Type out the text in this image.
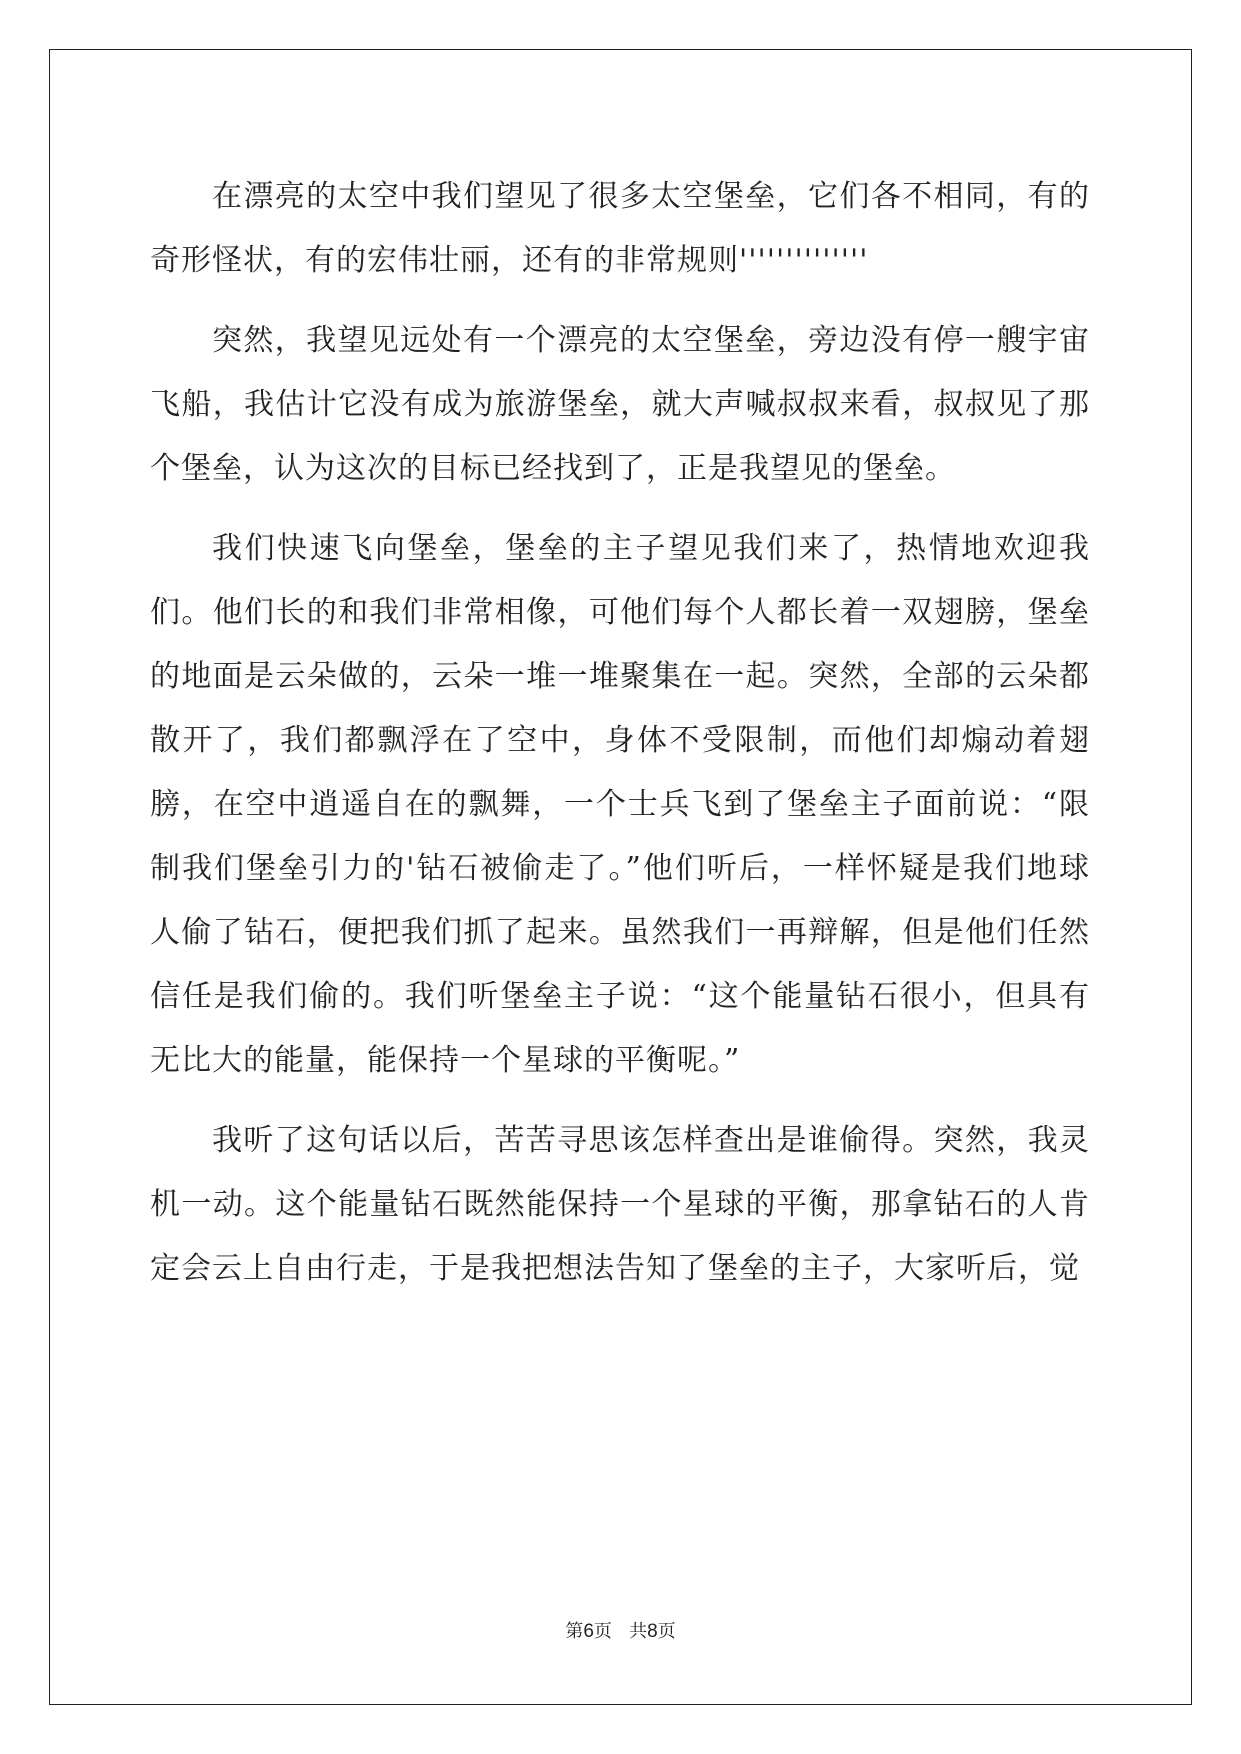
在漂亮的太空中我们望见了很多太空堡垒，它们各不相同，有的奇形怪状，有的宏伟壮丽，还有的非常规则''''''''''''''

突然，我望见远处有一个漂亮的太空堡垒，旁边没有停一艘宇宙飞船，我估计它没有成为旅游堡垒，就大声喊叔叔来看，叔叔见了那个堡垒，认为这次的目标已经找到了，正是我望见的堡垒。

我们快速飞向堡垒，堡垒的主子望见我们来了，热情地欢迎我们。他们长的和我们非常相像，可他们每个人都长着一双翅膀，堡垒的地面是云朵做的，云朵一堆一堆聚集在一起。突然，全部的云朵都散开了，我们都飘浮在了空中，身体不受限制，而他们却煽动着翅膀，在空中逍遥自在的飘舞，一个士兵飞到了堡垒主子面前说：“限制我们堡垒引力的'钻石被偷走了。”他们听后，一样怀疑是我们地球人偷了钻石，便把我们抓了起来。虽然我们一再辩解，但是他们任然信任是我们偷的。我们听堡垒主子说：“这个能量钻石很小，但具有无比大的能量，能保持一个星球的平衡呢。”

我听了这句话以后，苦苦寻思该怎样查出是谁偷得。突然，我灵机一动。这个能量钻石既然能保持一个星球的平衡，那拿钻石的人肯定会云上自由行走，于是我把想法告知了堡垒的主子，大家听后，觉

第6页 共8页
